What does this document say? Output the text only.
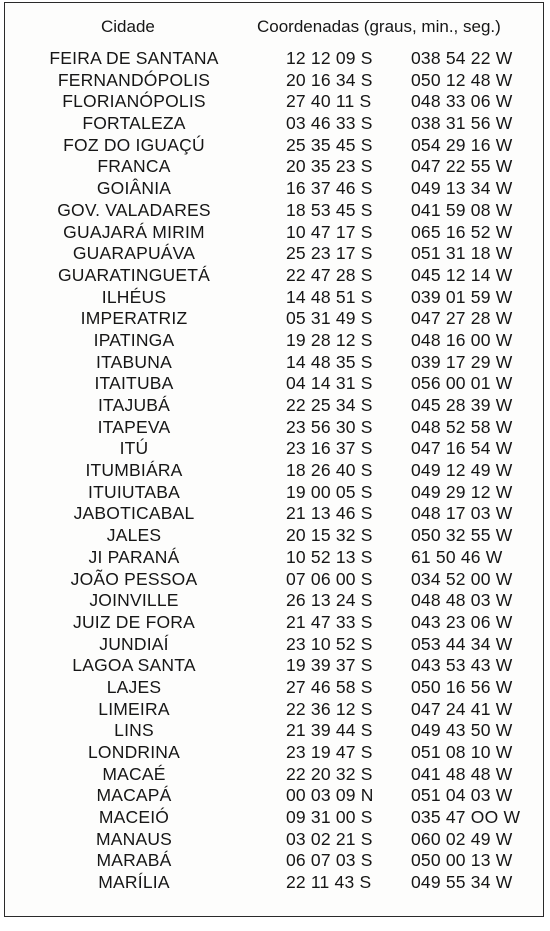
Cidade	Coordenadas (graus, min., seg.)
FEIRA DE SANTANA	12 12 09 S 038 54 22 W
FERNANDÓPOLIS	20 16 34 S 050 12 48 W
FLORIANÓPOLIS	27 40 11 S 048 33 06 W
FORTALEZA	03 46 33 S 038 31 56 W
FOZ DO IGUAÇÚ	25 35 45 S 054 29 16 W
FRANCA	20 35 23 S 047 22 55 W
GOIÂNIA	16 37 46 S 049 13 34 W
GOV. VALADARES	18 53 45 S 041 59 08 W
GUAJARÁ MIRIM	10 47 17 S 065 16 52 W
GUARAPUÁVA	25 23 17 S 051 31 18 W
GUARATINGUETÁ	22 47 28 S 045 12 14 W
ILHÉUS	14 48 51 S 039 01 59 W
IMPERATRIZ	05 31 49 S 047 27 28 W
IPATINGA	19 28 12 S 048 16 00 W
ITABUNA	14 48 35 S 039 17 29 W
ITAITUBA	04 14 31 S 056 00 01 W
ITAJUBÁ	22 25 34 S 045 28 39 W
ITAPEVA	23 56 30 S 048 52 58 W
ITÚ	23 16 37 S 047 16 54 W
ITUMBIÁRA	18 26 40 S 049 12 49 W
ITUIUTABA	19 00 05 S 049 29 12 W
JABOTICABAL	21 13 46 S 048 17 03 W
JALES	20 15 32 S 050 32 55 W
JI PARANÁ	10 52 13 S 61 50 46 W
JOÃO PESSOA	07 06 00 S 034 52 00 W
JOINVILLE	26 13 24 S 048 48 03 W
JUIZ DE FORA	21 47 33 S 043 23 06 W
JUNDIAÍ	23 10 52 S 053 44 34 W
LAGOA SANTA	19 39 37 S 043 53 43 W
LAJES	27 46 58 S 050 16 56 W
LIMEIRA	22 36 12 S 047 24 41 W
LINS	21 39 44 S 049 43 50 W
LONDRINA	23 19 47 S 051 08 10 W
MACAÉ	22 20 32 S 041 48 48 W
MACAPÁ	00 03 09 N 051 04 03 W
MACEIÓ	09 31 00 S 035 47 OO W
MANAUS	03 02 21 S 060 02 49 W
MARABÁ	06 07 03 S 050 00 13 W
MARÍLIA	22 11 43 S 049 55 34 W
